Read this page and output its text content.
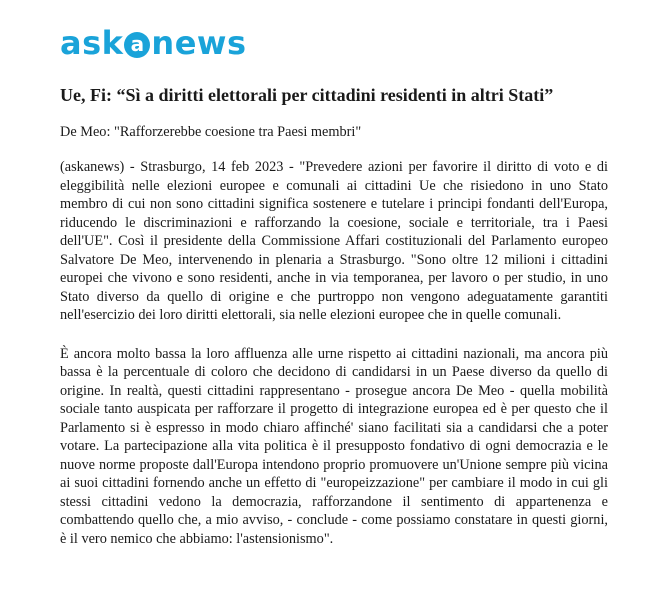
ask a news
Ue, Fi: “Sì a diritti elettorali per cittadini residenti in altri Stati”

De Meo: "Rafforzerebbe coesione tra Paesi membri"

(askanews) - Strasburgo, 14 feb 2023 - "Prevedere azioni per favorire il diritto di voto e di eleggibilità nelle elezioni europee e comunali ai cittadini Ue che risiedono in uno Stato membro di cui non sono cittadini significa sostenere e tutelare i principi fondanti dell'Europa, riducendo le discriminazioni e rafforzando la coesione, sociale e territoriale, tra i Paesi dell'UE". Così il presidente della Commissione Affari costituzionali del Parlamento europeo Salvatore De Meo, intervenendo in plenaria a Strasburgo. "Sono oltre 12 milioni i cittadini europei che vivono e sono residenti, anche in via temporanea, per lavoro o per studio, in uno Stato diverso da quello di origine e che purtroppo non vengono adeguatamente garantiti nell'esercizio dei loro diritti elettorali, sia nelle elezioni europee che in quelle comunali.

È ancora molto bassa la loro affluenza alle urne rispetto ai cittadini nazionali, ma ancora più bassa è la percentuale di coloro che decidono di candidarsi in un Paese diverso da quello di origine. In realtà, questi cittadini rappresentano - prosegue ancora De Meo - quella mobilità sociale tanto auspicata per rafforzare il progetto di integrazione europea ed è per questo che il Parlamento si è espresso in modo chiaro affinché' siano facilitati sia a candidarsi che a poter votare. La partecipazione alla vita politica è il presupposto fondativo di ogni democrazia e le nuove norme proposte dall'Europa intendono proprio promuovere un'Unione sempre più vicina ai suoi cittadini fornendo anche un effetto di "europeizzazione" per cambiare il modo in cui gli stessi cittadini vedono la democrazia, rafforzandone il sentimento di appartenenza e combattendo quello che, a mio avviso, - conclude - come possiamo constatare in questi giorni, è il vero nemico che abbiamo: l'astensionismo".
